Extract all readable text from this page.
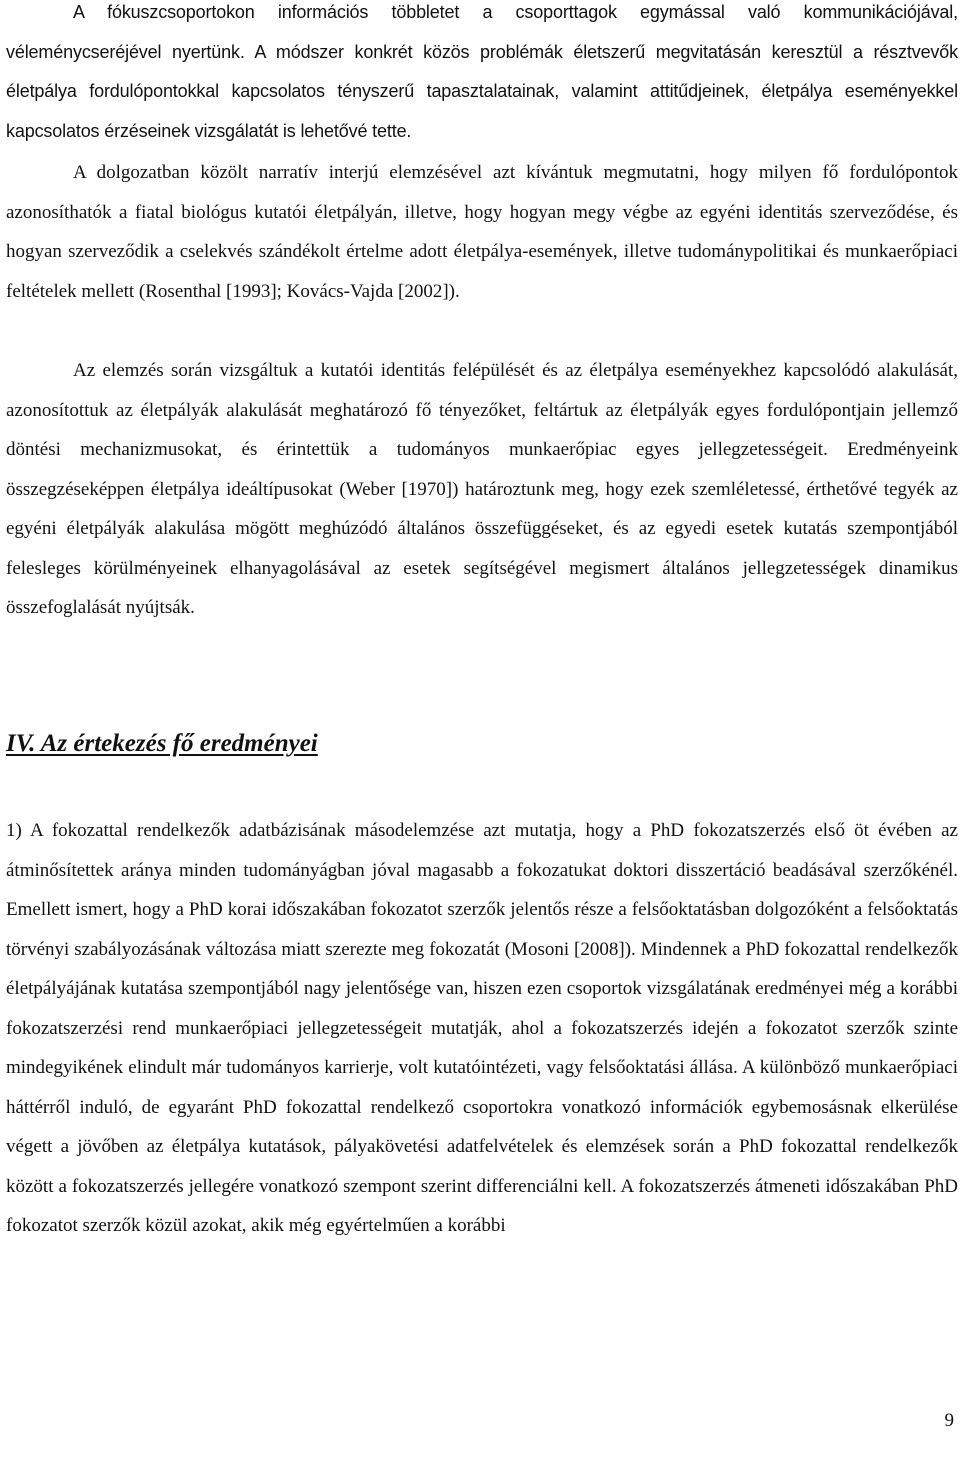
A fókuszcsoportokon információs többletet a csoporttagok egymással való kommunikációjával, véleménycseréjével nyertünk. A módszer konkrét közös problémák életszerű megvitatásán keresztül a résztvevők életpálya fordulópontokkal kapcsolatos tényszerű tapasztalatainak, valamint attitűdjeinek, életpálya eseményekkel kapcsolatos érzéseinek vizsgálatát is lehetővé tette.

A dolgozatban közölt narratív interjú elemzésével azt kívántuk megmutatni, hogy milyen fő fordulópontok azonosíthatók a fiatal biológus kutatói életpályán, illetve, hogy hogyan megy végbe az egyéni identitás szerveződése, és hogyan szerveződik a cselekvés szándékolt értelme adott életpálya-események, illetve tudománypolitikai és munkaerőpiaci feltételek mellett (Rosenthal [1993]; Kovács-Vajda [2002]).

Az elemzés során vizsgáltuk a kutatói identitás felépülését és az életpálya eseményekhez kapcsolódó alakulását, azonosítottuk az életpályák alakulását meghatározó fő tényezőket, feltártuk az életpályák egyes fordulópontjain jellemző döntési mechanizmusokat, és érintettük a tudományos munkaerőpiac egyes jellegzetességeit. Eredményeink összegzéseképpen életpálya ideáltípusokat (Weber [1970]) határoztunk meg, hogy ezek szemléletessé, érthetővé tegyék az egyéni életpályák alakulása mögött meghúzódó általános összefüggéseket, és az egyedi esetek kutatás szempontjából felesleges körülményeinek elhanyagolásával az esetek segítségével megismert általános jellegzetességek dinamikus összefoglalását nyújtsák.

IV. Az értekezés fő eredményei

1) A fokozattal rendelkezők adatbázisának másodelemzése azt mutatja, hogy a PhD fokozatszerzés első öt évében az átminősítettek aránya minden tudományágban jóval magasabb a fokozatukat doktori disszertáció beadásával szerzőkénél. Emellett ismert, hogy a PhD korai időszakában fokozatot szerzők jelentős része a felsőoktatásban dolgozóként a felsőoktatás törvényi szabályozásának változása miatt szerezte meg fokozatát (Mosoni [2008]). Mindennek a PhD fokozattal rendelkezők életpályájának kutatása szempontjából nagy jelentősége van, hiszen ezen csoportok vizsgálatának eredményei még a korábbi fokozatszerzési rend munkaerőpiaci jellegzetességeit mutatják, ahol a fokozatszerzés idején a fokozatot szerzők szinte mindegyikének elindult már tudományos karrierje, volt kutatóintézeti, vagy felsőoktatási állása. A különböző munkaerőpiaci háttérről induló, de egyaránt PhD fokozattal rendelkező csoportokra vonatkozó információk egybemosásnak elkerülése végett a jövőben az életpálya kutatások, pályakövetési adatfelvételek és elemzések során a PhD fokozattal rendelkezők között a fokozatszerzés jellegére vonatkozó szempont szerint differenciálni kell. A fokozatszerzés átmeneti időszakában PhD fokozatot szerzők közül azokat, akik még egyértelműen a korábbi

9
